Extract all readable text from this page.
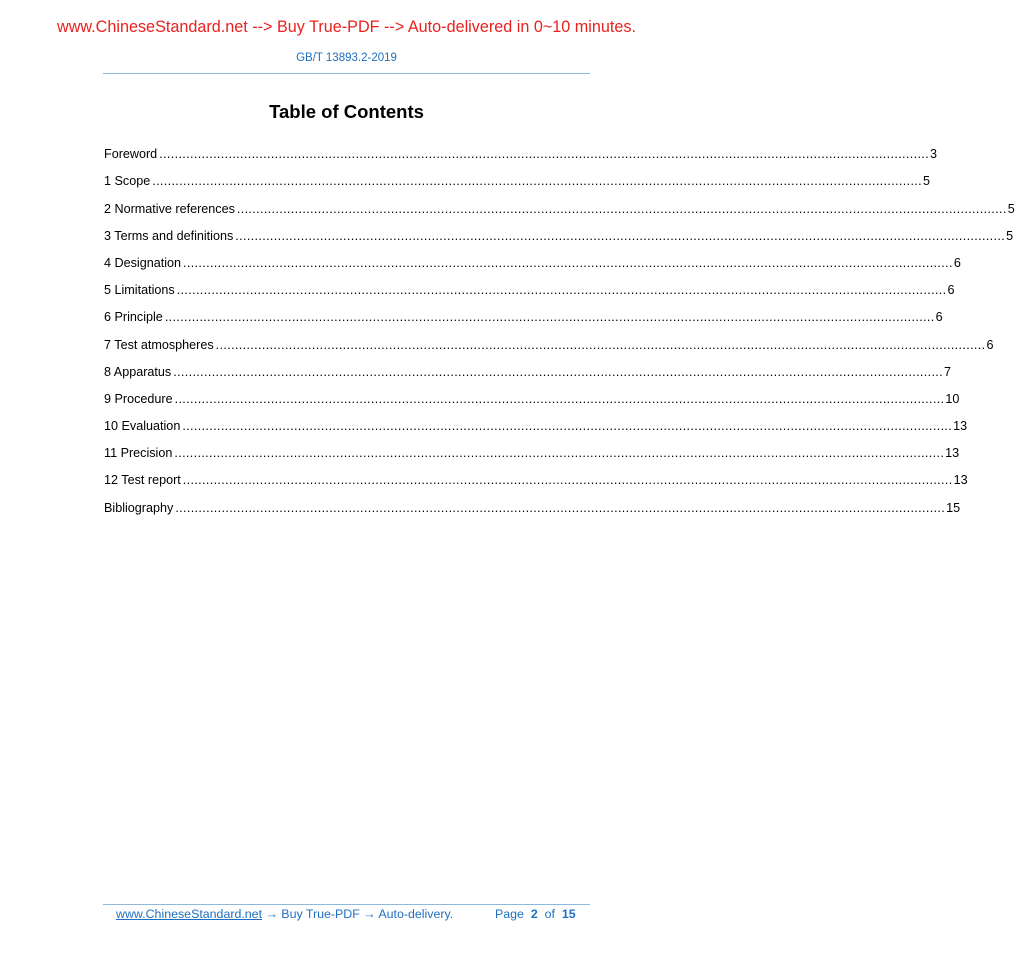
www.ChineseStandard.net --> Buy True-PDF --> Auto-delivered in 0~10 minutes.
GB/T 13893.2-2019
Table of Contents
Foreword ........................................................................................................................................................................................................ 3
1 Scope ........................................................................................................................................................................................................ 5
2 Normative references ........................................................................................................................................................................................................ 5
3 Terms and definitions ........................................................................................................................................................................................................ 5
4 Designation ........................................................................................................................................................................................................ 6
5 Limitations ........................................................................................................................................................................................................ 6
6 Principle ........................................................................................................................................................................................................ 6
7 Test atmospheres ........................................................................................................................................................................................................ 6
8 Apparatus ........................................................................................................................................................................................................ 7
9 Procedure ........................................................................................................................................................................................................ 10
10 Evaluation ........................................................................................................................................................................................................ 13
11 Precision ........................................................................................................................................................................................................ 13
12 Test report ........................................................................................................................................................................................................ 13
Bibliography ........................................................................................................................................................................................................ 15
www.ChineseStandard.net → Buy True-PDF → Auto-delivery.	Page 2 of 15
